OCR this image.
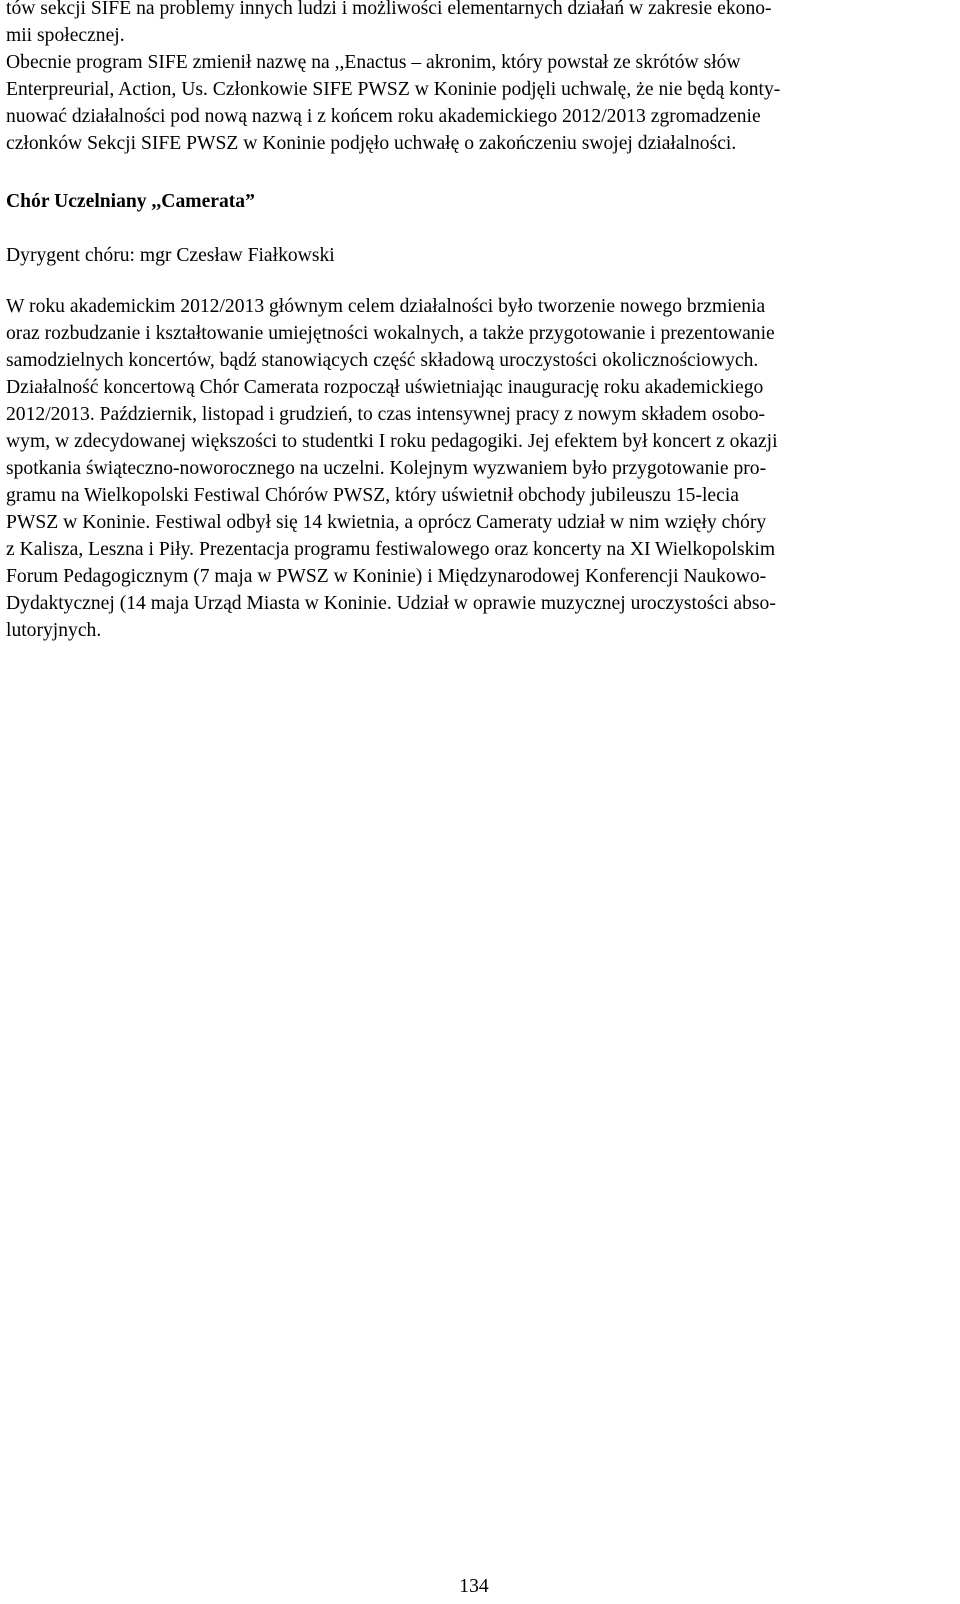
tów sekcji SIFE na problemy innych ludzi i możliwości elementarnych działań w zakresie ekono-
mii społecznej.
Obecnie program SIFE zmienił nazwę na ,,Enactus – akronim, który powstał ze skrótów słów
Enterpreurial, Action, Us. Członkowie SIFE PWSZ w Koninie podjęli uchwalę, że nie będą konty-
nuować działalności pod nową nazwą i z końcem roku akademickiego 2012/2013 zgromadzenie
członków Sekcji SIFE PWSZ w Koninie podjęło uchwałę o zakończeniu swojej działalności.
Chór Uczelniany ,,Camerata”
Dyrygent chóru: mgr Czesław Fiałkowski
W roku akademickim 2012/2013 głównym celem działalności było tworzenie nowego brzmienia
oraz rozbudzanie i kształtowanie umiejętności wokalnych, a także przygotowanie i prezentowanie
samodzielnych koncertów, bądź stanowiących część składową uroczystości okolicznościowych.
Działalność koncertową Chór Camerata rozpoczął uświetniając inaugurację roku akademickiego
2012/2013. Październik, listopad i grudzień, to czas intensywnej pracy z nowym składem osobo-
wym, w zdecydowanej większości to studentki I roku pedagogiki. Jej efektem był koncert z okazji
spotkania świąteczno-noworocznego na uczelni. Kolejnym wyzwaniem było przygotowanie pro-
gramu na Wielkopolski Festiwal Chórów PWSZ, który uświetnił obchody jubileuszu 15-lecia
PWSZ w Koninie. Festiwal odbył się 14 kwietnia, a oprócz Cameraty udział w nim wzięły chóry
z Kalisza, Leszna i Piły. Prezentacja programu festiwalowego oraz koncerty na XI Wielkopolskim
Forum Pedagogicznym (7 maja w PWSZ w Koninie) i Międzynarodowej Konferencji Naukowo-
Dydaktycznej (14 maja Urząd Miasta w Koninie. Udział w oprawie muzycznej uroczystości abso-
lutoryjnych.
134
